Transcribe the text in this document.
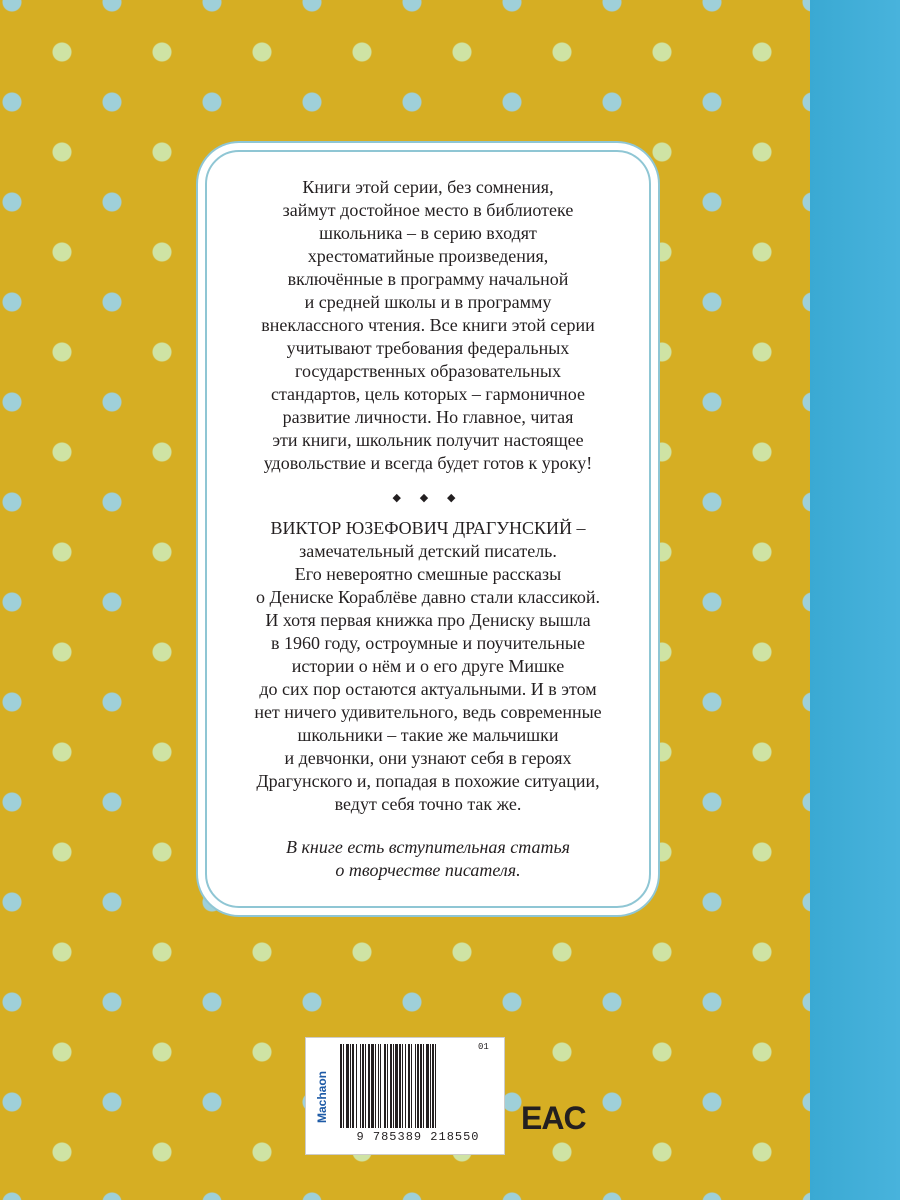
Книги этой серии, без сомнения,
займут достойное место в библиотеке
школьника – в серию входят
хрестоматийные произведения,
включённые в программу начальной
и средней школы и в программу
внеклассного чтения. Все книги этой серии
учитывают требования федеральных
государственных образовательных
стандартов, цель которых – гармоничное
развитие личности. Но главное, читая
эти книги, школьник получит настоящее
удовольствие и всегда будет готов к уроку!

◆ ◆ ◆

ВИКТОР ЮЗЕФОВИЧ ДРАГУНСКИЙ –
замечательный детский писатель.
Его невероятно смешные рассказы
о Дениске Кораблёве давно стали классикой.
И хотя первая книжка про Дениску вышла
в 1960 году, остроумные и поучительные
истории о нём и о его друге Мишке
до сих пор остаются актуальными. И в этом
нет ничего удивительного, ведь современные
школьники – такие же мальчишки
и девчонки, они узнают себя в героях
Драгунского и, попадая в похожие ситуации,
ведут себя точно так же.

В книге есть вступительная статья
о творчестве писателя.

Machaon
01
9 785389 218550
EAC
